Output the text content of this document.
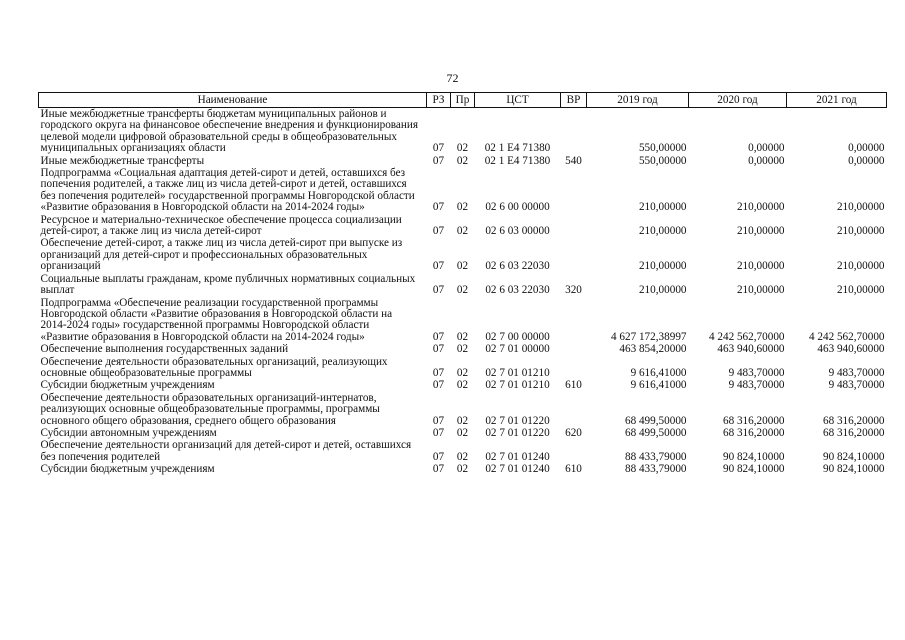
72
Наименование	РЗ	Пр	ЦСТ	ВР	2019 год	2020 год	2021 год
Иные межбюджетные трансферты бюджетам муниципальных районов и городского округа на финансовое обеспечение внедрения и функционирования целевой модели цифровой образовательной среды в общеобразовательных муниципальных организациях области	07	02	02 1 Е4 71380		550,00000	0,00000	0,00000
Иные межбюджетные трансферты	07	02	02 1 Е4 71380	540	550,00000	0,00000	0,00000
Подпрограмма «Социальная адаптация детей-сирот и детей, оставшихся без попечения родителей, а также лиц из числа детей-сирот и детей, оставшихся без попечения родителей» государственной программы Новгородской области «Развитие образования в Новгородской области на 2014-2024 годы»	07	02	02 6 00 00000		210,00000	210,00000	210,00000
Ресурсное и материально-техническое обеспечение процесса социализации детей-сирот, а также лиц из числа детей-сирот	07	02	02 6 03 00000		210,00000	210,00000	210,00000
Обеспечение детей-сирот, а также лиц из числа детей-сирот при выпуске из организаций для детей-сирот и профессиональных образовательных организаций	07	02	02 6 03 22030		210,00000	210,00000	210,00000
Социальные выплаты гражданам, кроме публичных нормативных социальных выплат	07	02	02 6 03 22030	320	210,00000	210,00000	210,00000
Подпрограмма «Обеспечение реализации государственной программы Новгородской области «Развитие образования в Новгородской области на 2014-2024 годы» государственной программы Новгородской области «Развитие образования в Новгородской области на 2014-2024 годы»	07	02	02 7 00 00000		4 627 172,38997	4 242 562,70000	4 242 562,70000
Обеспечение выполнения государственных заданий	07	02	02 7 01 00000		463 854,20000	463 940,60000	463 940,60000
Обеспечение деятельности образовательных организаций, реализующих основные общеобразовательные программы	07	02	02 7 01 01210		9 616,41000	9 483,70000	9 483,70000
Субсидии бюджетным учреждениям	07	02	02 7 01 01210	610	9 616,41000	9 483,70000	9 483,70000
Обеспечение деятельности образовательных организаций-интернатов, реализующих основные общеобразовательные программы, программы основного общего образования, среднего общего образования	07	02	02 7 01 01220		68 499,50000	68 316,20000	68 316,20000
Субсидии автономным учреждениям	07	02	02 7 01 01220	620	68 499,50000	68 316,20000	68 316,20000
Обеспечение деятельности организаций для детей-сирот и детей, оставшихся без попечения родителей	07	02	02 7 01 01240		88 433,79000	90 824,10000	90 824,10000
Субсидии бюджетным учреждениям	07	02	02 7 01 01240	610	88 433,79000	90 824,10000	90 824,10000
